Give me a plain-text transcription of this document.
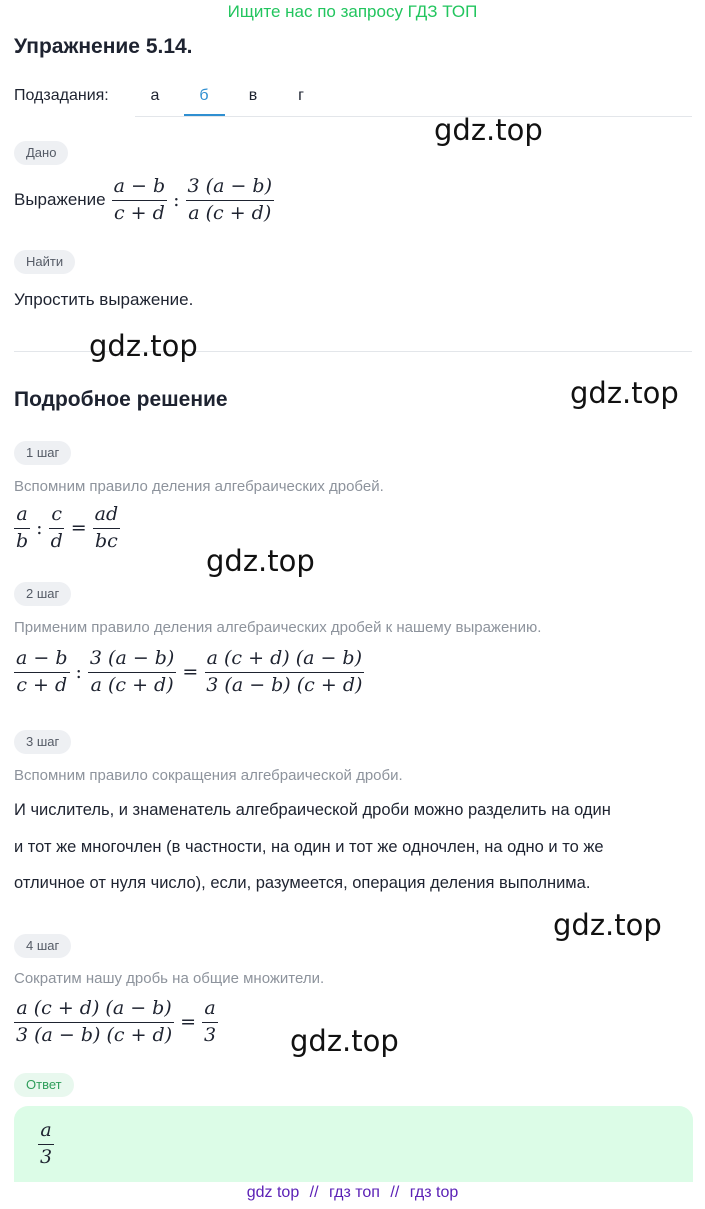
Ищите нас по запросу ГДЗ ТОП
Упражнение 5.14.
Подзадания:	а	б	в	г
Дано
Выражение $\frac{a - b}{c + d}$ : $\frac{3 (a - b)}{a (c + d)}$
Найти
Упростить выражение.
Подробное решение
1 шаг
Вспомним правило деления алгебраических дробей.
$\frac{a}{b}$ : $\frac{c}{d} = \frac{ad}{bc}$
2 шаг
Применим правило деления алгебраических дробей к нашему выражению.
$\frac{a - b}{c + d}$ : $\frac{3 (a - b)}{a (c + d)} = \frac{a (c + d) (a - b)}{3 (a - b) (c + d)}$
3 шаг
Вспомним правило сокращения алгебраической дроби.
И числитель, и знаменатель алгебраической дроби можно разделить на один
и тот же многочлен (в частности, на один и тот же одночлен, на одно и то же
отличное от нуля число), если, разумеется, операция деления выполнима.
4 шаг
Сократим нашу дробь на общие множители.
$\frac{a (c + d) (a - b)}{3 (a - b) (c + d)} = \frac{a}{3}$
Ответ
$\frac{a}{3}$
gdz top // гдз топ // гдз top
gdz.top
gdz.top
gdz.top
gdz.top
gdz.top
gdz.top
